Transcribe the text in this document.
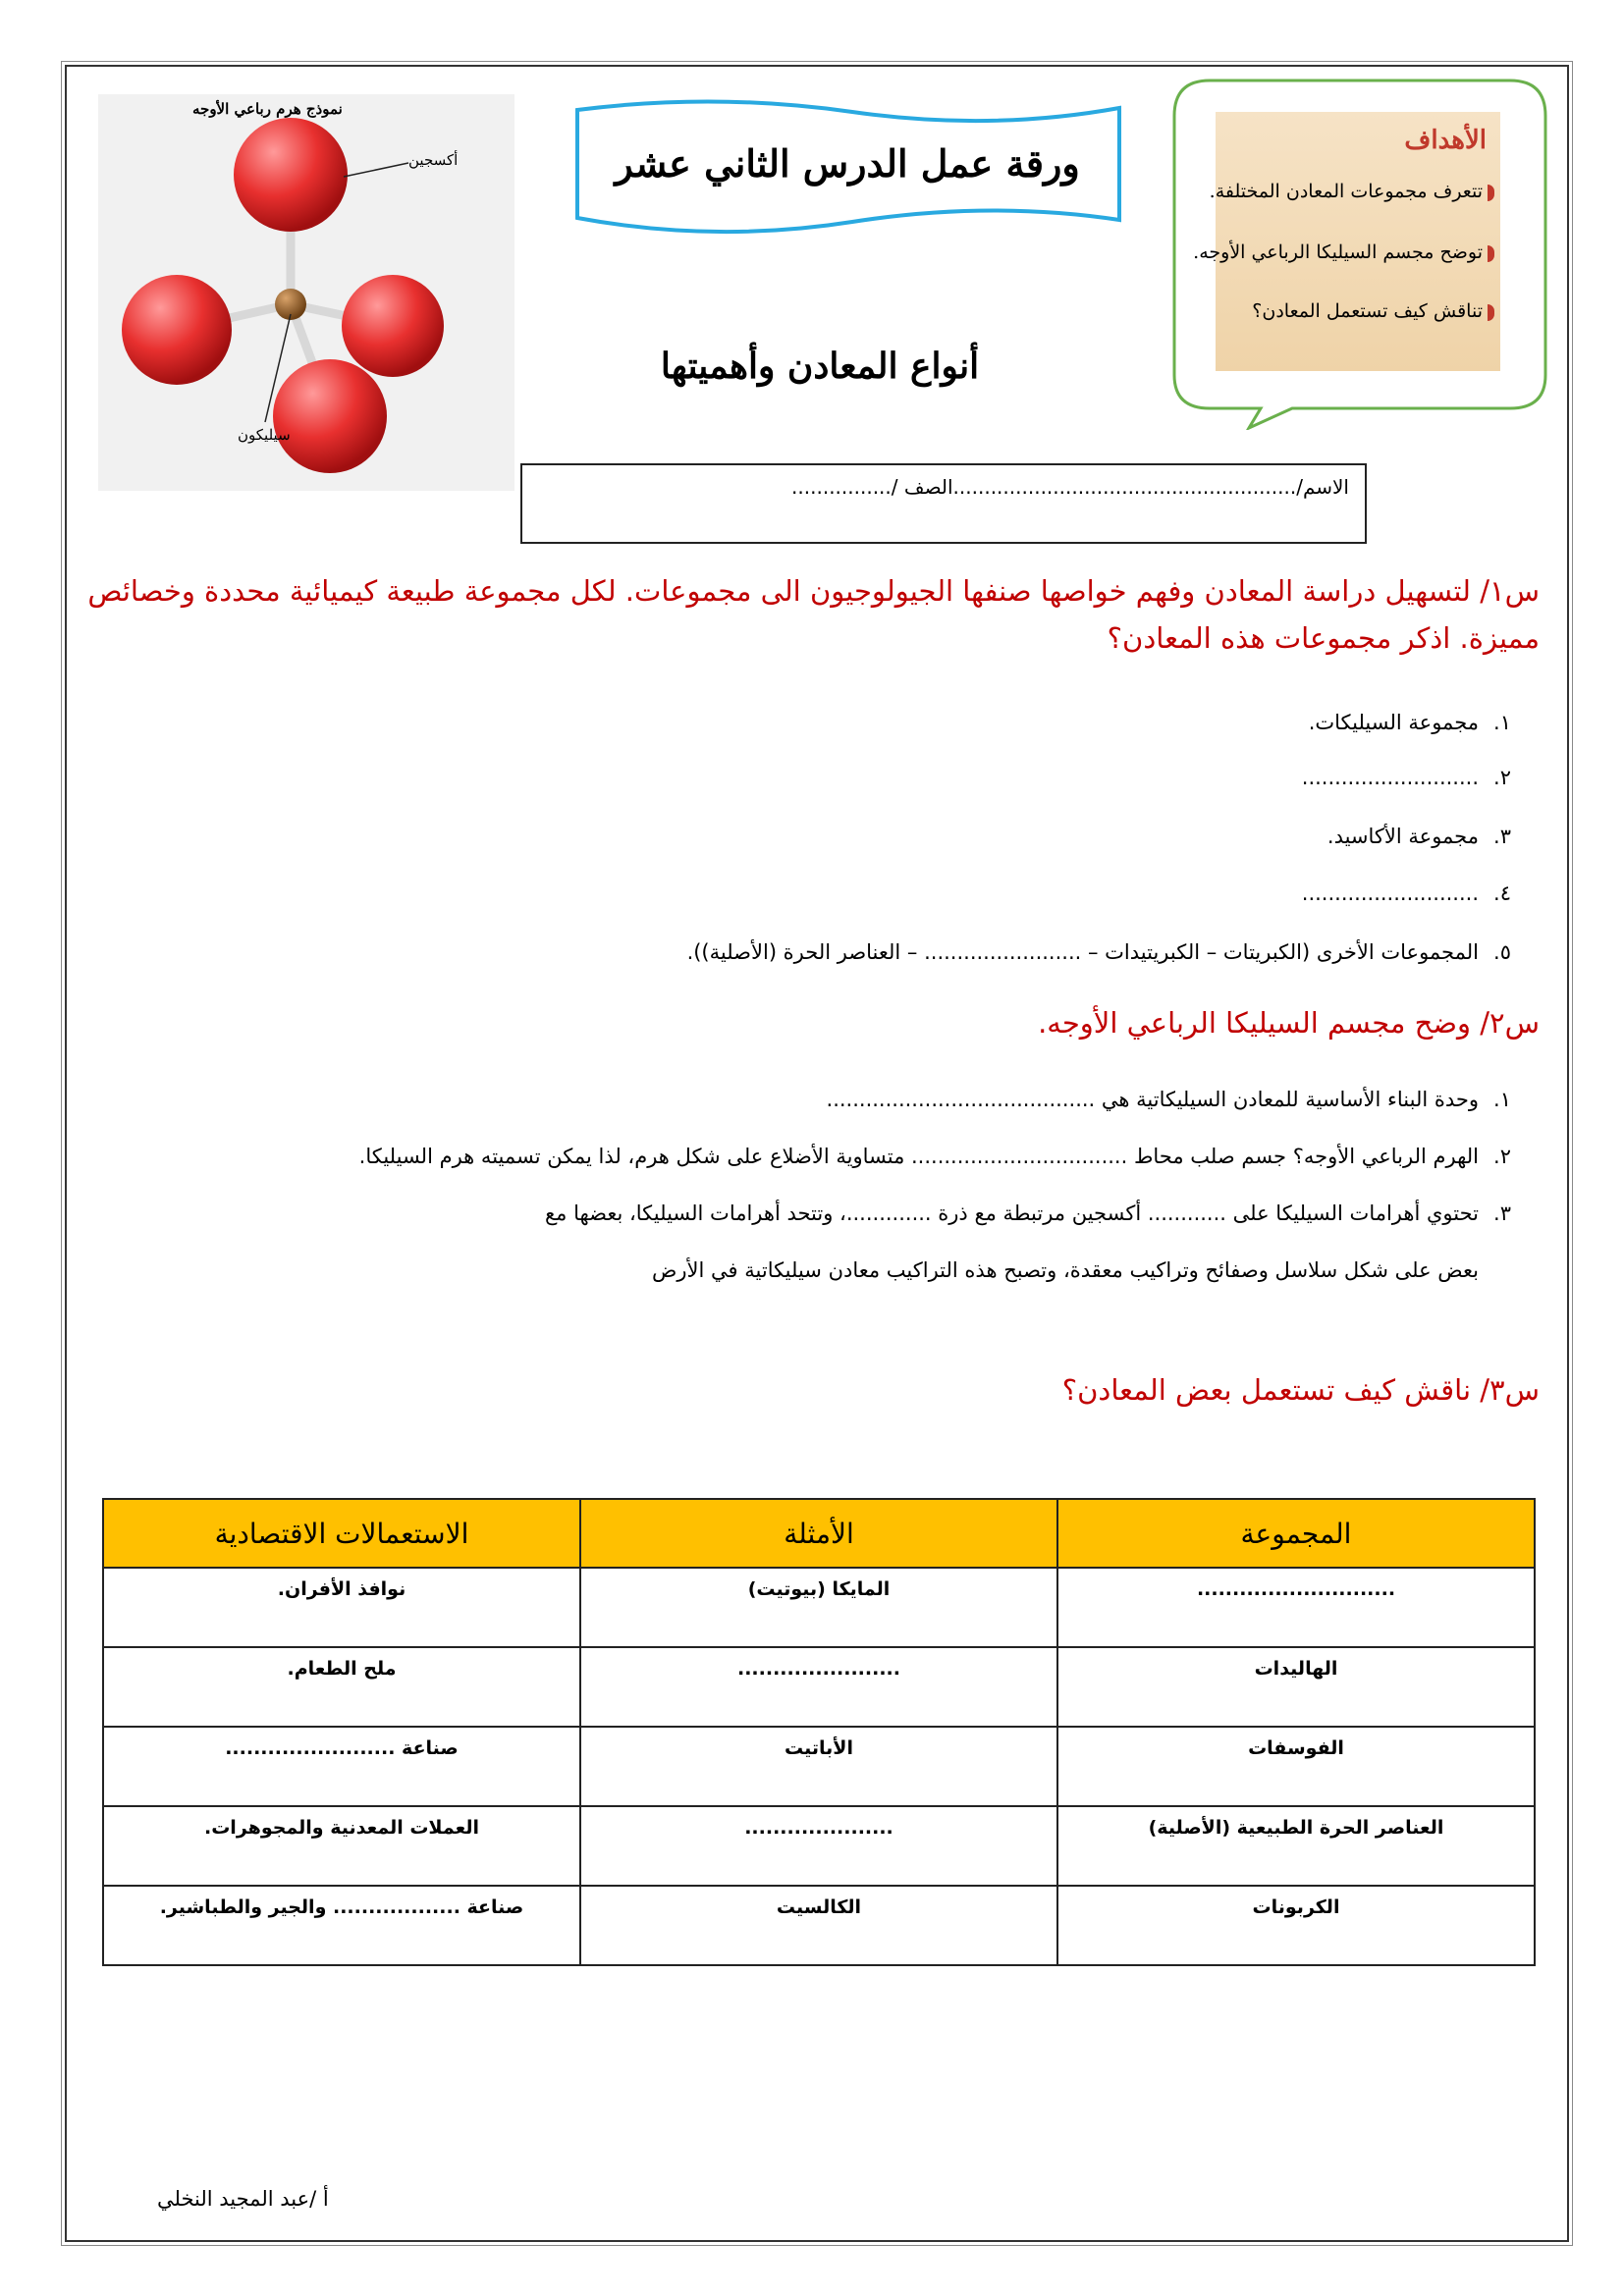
نموذج هرم رباعي الأوجه
أكسجين
سيليكون
ورقة عمل الدرس الثاني عشر
الأهداف
تتعرف مجموعات المعادن المختلفة.
توضح مجسم السيليكا الرباعي الأوجه.
تناقش كيف تستعمل المعادن؟
أنواع المعادن وأهميتها
الاسم/.......................................................الصف /................
س١/ لتسهيل دراسة المعادن وفهم خواصها صنفها الجيولوجيون الى مجموعات. لكل مجموعة طبيعة كيميائية محددة وخصائص مميزة. اذكر مجموعات هذه المعادن؟
١.مجموعة السيليكات.
٢............................
٣.مجموعة الأكاسيد.
٤............................
٥.المجموعات الأخرى (الكبريتات – الكبريتيدات – ........................ – العناصر الحرة (الأصلية)).
س٢/ وضح مجسم السيليكا الرباعي الأوجه.
١.وحدة البناء الأساسية للمعادن السيليكاتية هي .........................................
٢.الهرم الرباعي الأوجه؟ جسم صلب محاط ................................. متساوية الأضلاع على شكل هرم، لذا يمكن تسميته هرم السيليكا.
٣.تحتوي أهرامات السيليكا على ............ أكسجين مرتبطة مع ذرة .............، وتتحد أهرامات السيليكا، بعضها مع
بعض على شكل سلاسل وصفائح وتراكيب معقدة، وتصبح هذه التراكيب معادن سيليكاتية في الأرض
س٣/ ناقش كيف تستعمل بعض المعادن؟
المجموعة	الأمثلة	الاستعمالات الاقتصادية
............................	المايكا (بيوتيت)	نوافذ الأفران.
الهاليدات	.......................	ملح الطعام.
الفوسفات	الأباتيت	صناعة ........................
العناصر الحرة الطبيعية (الأصلية)	.....................	العملات المعدنية والمجوهرات.
الكربونات	الكالسيت	صناعة .................. والجير والطباشير.
أ /عبد المجيد النخلي
